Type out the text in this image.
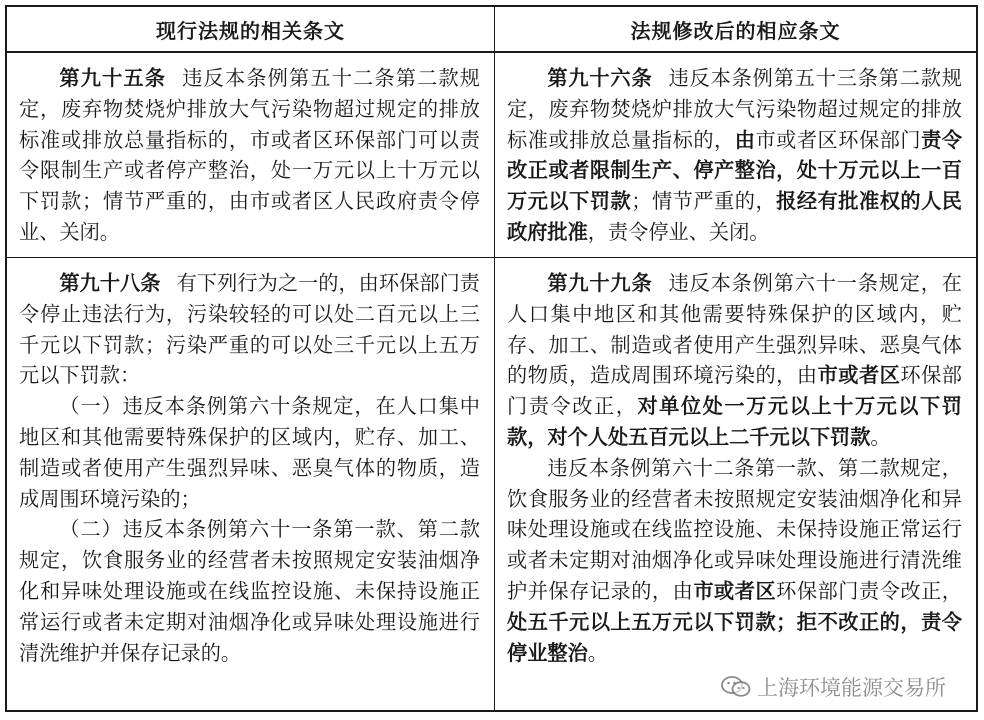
现行法规的相关条文	法规修改后的相应条文

第九十五条 违反本条例第五十二条第二款规定，废弃物焚烧炉排放大气污染物超过规定的排放标准或排放总量指标的，市或者区环保部门可以责令限制生产或者停产整治，处一万元以上十万元以下罚款；情节严重的，由市或者区人民政府责令停业、关闭。

第九十六条 违反本条例第五十三条第二款规定，废弃物焚烧炉排放大气污染物超过规定的排放标准或排放总量指标的，由市或者区环保部门责令改正或者限制生产、停产整治，处十万元以上一百万元以下罚款；情节严重的，报经有批准权的人民政府批准，责令停业、关闭。

第九十八条 有下列行为之一的，由环保部门责令停止违法行为，污染较轻的可以处二百元以上三千元以下罚款；污染严重的可以处三千元以上五万元以下罚款：

（一）违反本条例第六十条规定，在人口集中地区和其他需要特殊保护的区域内，贮存、加工、制造或者使用产生强烈异味、恶臭气体的物质，造成周围环境污染的；

（二）违反本条例第六十一条第一款、第二款规定，饮食服务业的经营者未按照规定安装油烟净化和异味处理设施或在线监控设施、未保持设施正常运行或者未定期对油烟净化或异味处理设施进行清洗维护并保存记录的。

第九十九条 违反本条例第六十一条规定，在人口集中地区和其他需要特殊保护的区域内，贮存、加工、制造或者使用产生强烈异味、恶臭气体的物质，造成周围环境污染的，由市或者区环保部门责令改正，对单位处一万元以上十万元以下罚款，对个人处五百元以上二千元以下罚款。

违反本条例第六十二条第一款、第二款规定，饮食服务业的经营者未按照规定安装油烟净化和异味处理设施或在线监控设施、未保持设施正常运行或者未定期对油烟净化或异味处理设施进行清洗维护并保存记录的，由市或者区环保部门责令改正，处五千元以上五万元以下罚款；拒不改正的，责令停业整治。

上海环境能源交易所
